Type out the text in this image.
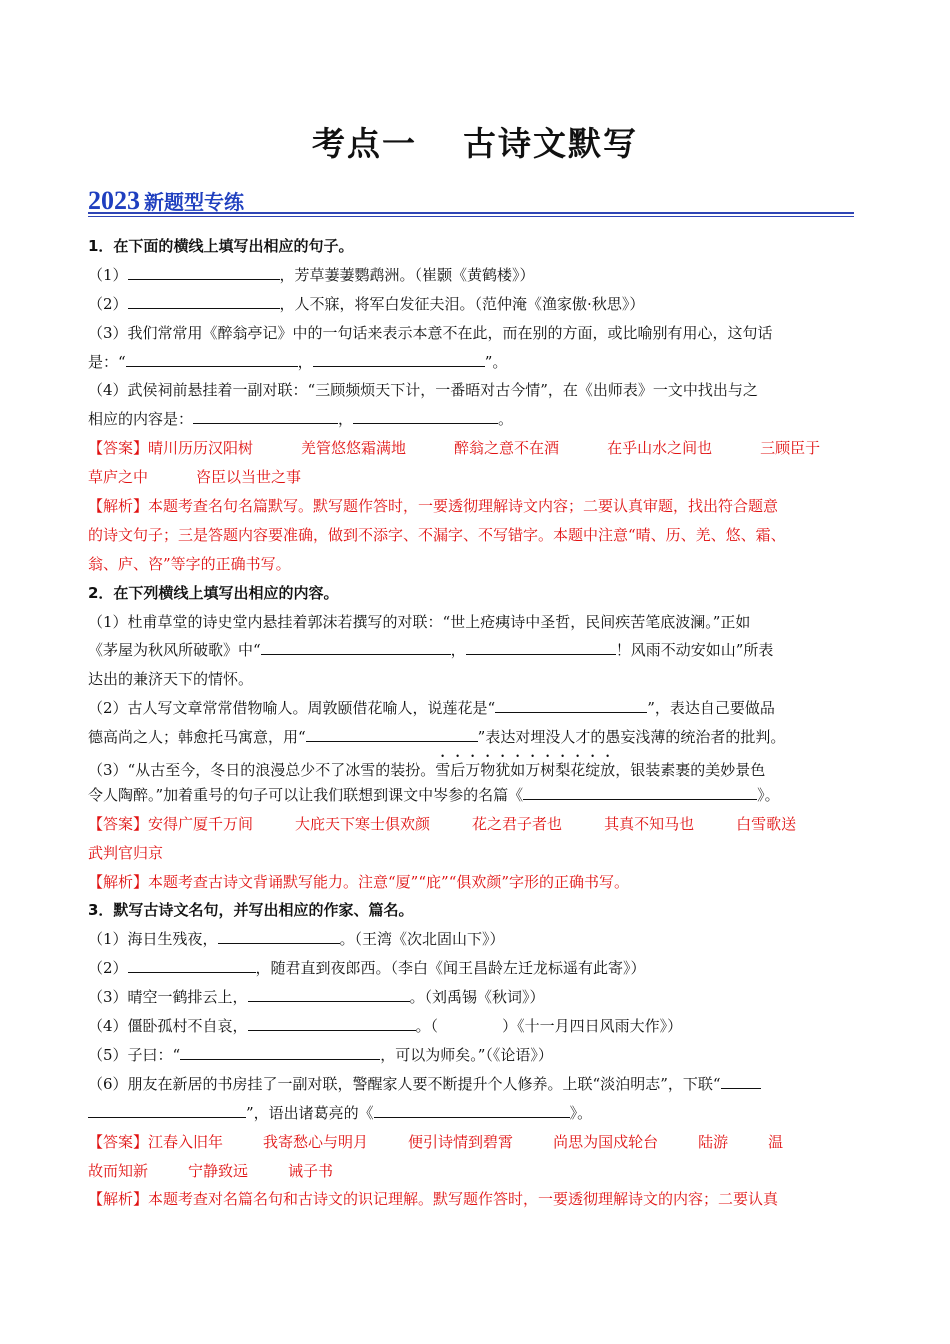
考点一 古诗文默写
2023 新题型专练
1．在下面的横线上填写出相应的句子。
（1）	，芳草萋萋鹦鹉洲。（崔颢《黄鹤楼》）
（2）	，人不寐，将军白发征夫泪。（范仲淹《渔家傲·秋思》）
（3）我们常常用《醉翁亭记》中的一句话来表示本意不在此，而在别的方面，或比喻别有用心，这句话
是：“	，	”。
（4）武侯祠前悬挂着一副对联：“三顾频烦天下计，一番晤对古今情”，在《出师表》一文中找出与之
相应的内容是：	，	。
【答案】晴川历历汉阳树	羌管悠悠霜满地	醉翁之意不在酒	在乎山水之间也	三顾臣于
草庐之中	咨臣以当世之事
【解析】本题考查名句名篇默写。默写题作答时，一要透彻理解诗文内容；二要认真审题，找出符合题意
的诗文句子；三是答题内容要准确，做到不添字、不漏字、不写错字。本题中注意“晴、历、羌、悠、霜、
翁、庐、咨”等字的正确书写。
2．在下列横线上填写出相应的内容。
（1）杜甫草堂的诗史堂内悬挂着郭沫若撰写的对联：“世上疮痍诗中圣哲，民间疾苦笔底波澜。”正如
《茅屋为秋风所破歌》中“	，	！风雨不动安如山”所表
达出的兼济天下的情怀。
（2）古人写文章常常借物喻人。周敦颐借花喻人，说莲花是“	”，表达自己要做品
德高尚之人；韩愈托马寓意，用“	”表达对埋没人才的愚妄浅薄的统治者的批判。
（3）“从古至今，冬日的浪漫总少不了冰雪的装扮。雪后万物犹如万树梨花绽放，银装素裹的美妙景色
令人陶醉。”加着重号的句子可以让我们联想到课文中岑参的名篇《	》。
【答案】安得广厦千万间	大庇天下寒士俱欢颜	花之君子者也	其真不知马也	白雪歌送
武判官归京
【解析】本题考查古诗文背诵默写能力。注意“厦”“庇”“俱欢颜”字形的正确书写。
3．默写古诗文名句，并写出相应的作家、篇名。
（1）海日生残夜，	。（王湾《次北固山下》）
（2）	，随君直到夜郎西。（李白《闻王昌龄左迁龙标遥有此寄》）
（3）晴空一鹤排云上，	。（刘禹锡《秋词》）
（4）僵卧孤村不自哀，	。（	）《十一月四日风雨大作》）
（5）子曰：“	，可以为师矣。”（《论语》）
（6）朋友在新居的书房挂了一副对联，警醒家人要不断提升个人修养。上联“淡泊明志”，下联“
”，语出诸葛亮的《	》。
【答案】江春入旧年	我寄愁心与明月	便引诗情到碧霄	尚思为国戍轮台	陆游	温
故而知新	宁静致远	诫子书
【解析】本题考查对名篇名句和古诗文的识记理解。默写题作答时，一要透彻理解诗文的内容；二要认真
